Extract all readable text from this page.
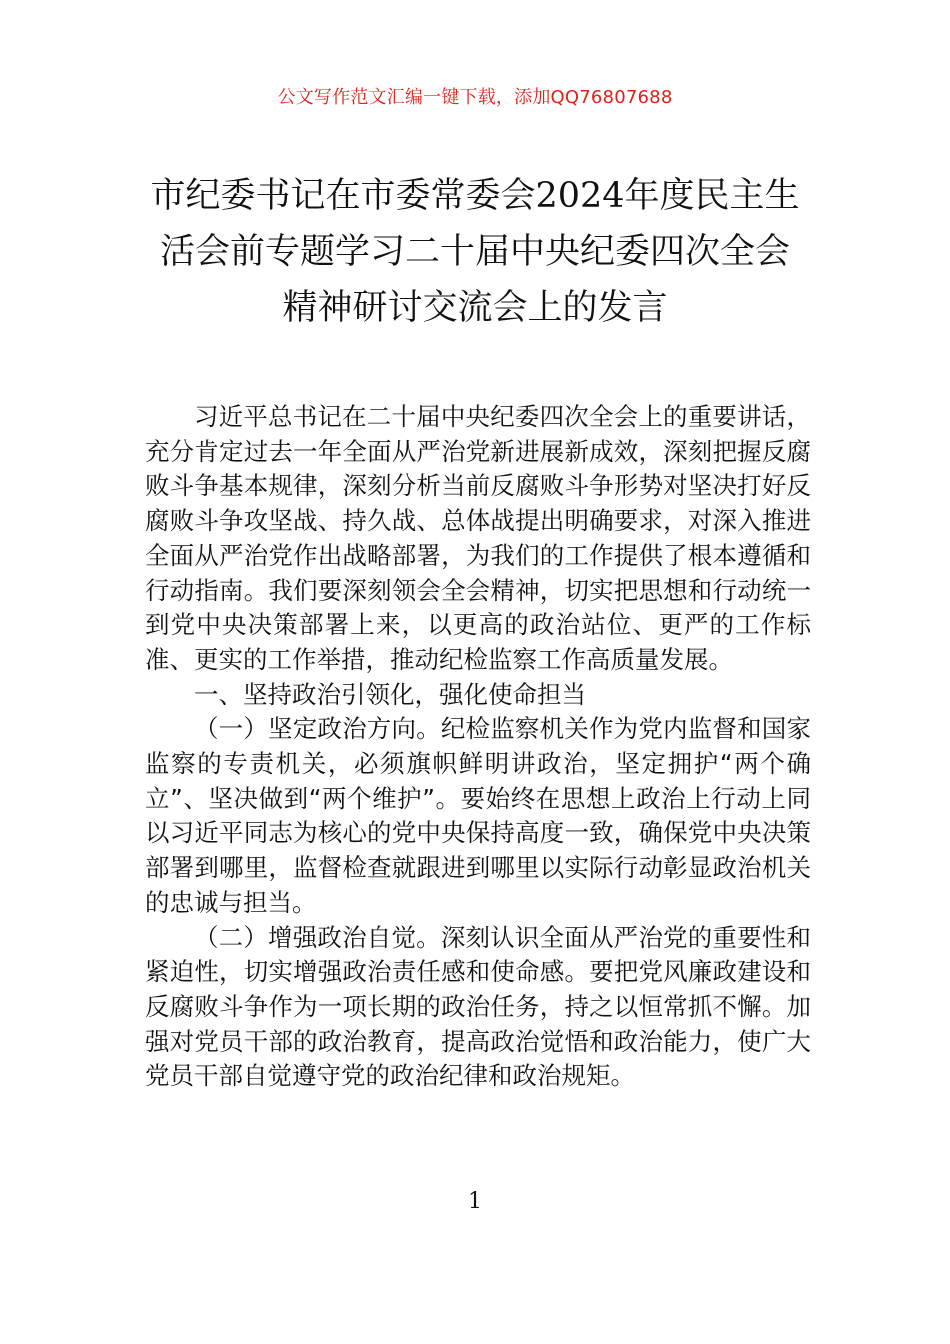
公文写作范文汇编一键下载，添加QQ76807688
市纪委书记在市委常委会2024年度民主生
活会前专题学习二十届中央纪委四次全会
精神研讨交流会上的发言

习近平总书记在二十届中央纪委四次全会上的重要讲话，充分肯定过去一年全面从严治党新进展新成效，深刻把握反腐败斗争基本规律，深刻分析当前反腐败斗争形势对坚决打好反腐败斗争攻坚战、持久战、总体战提出明确要求，对深入推进全面从严治党作出战略部署，为我们的工作提供了根本遵循和行动指南。我们要深刻领会全会精神，切实把思想和行动统一到党中央决策部署上来，以更高的政治站位、更严的工作标准、更实的工作举措，推动纪检监察工作高质量发展。

一、坚持政治引领化，强化使命担当

（一）坚定政治方向。纪检监察机关作为党内监督和国家监察的专责机关，必须旗帜鲜明讲政治，坚定拥护“两个确立”、坚决做到“两个维护”。要始终在思想上政治上行动上同以习近平同志为核心的党中央保持高度一致，确保党中央决策部署到哪里，监督检查就跟进到哪里以实际行动彰显政治机关的忠诚与担当。

（二）增强政治自觉。深刻认识全面从严治党的重要性和紧迫性，切实增强政治责任感和使命感。要把党风廉政建设和反腐败斗争作为一项长期的政治任务，持之以恒常抓不懈。加强对党员干部的政治教育，提高政治觉悟和政治能力，使广大党员干部自觉遵守党的政治纪律和政治规矩。

1
